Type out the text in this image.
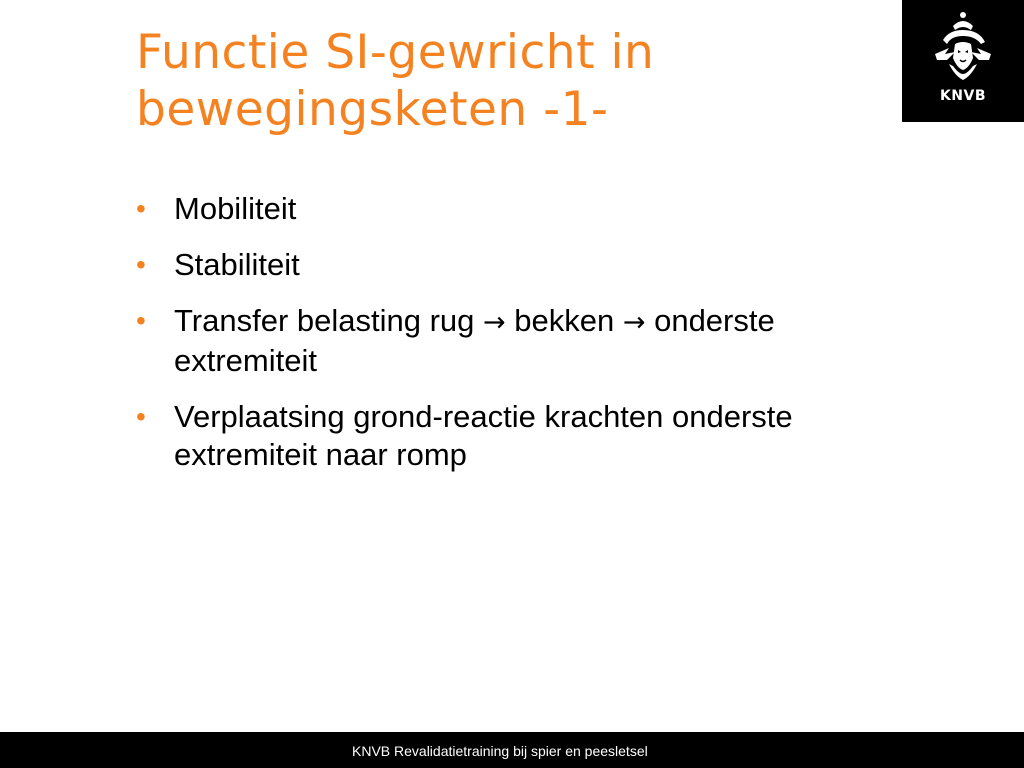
Functie SI-gewricht in bewegingsketen -1-	KNVB
• Mobiliteit
• Stabiliteit
• Transfer belasting rug → bekken → onderste extremiteit
• Verplaatsing grond-reactie krachten onderste extremiteit naar romp
KNVB Revalidatietraining bij spier en peesletsel
